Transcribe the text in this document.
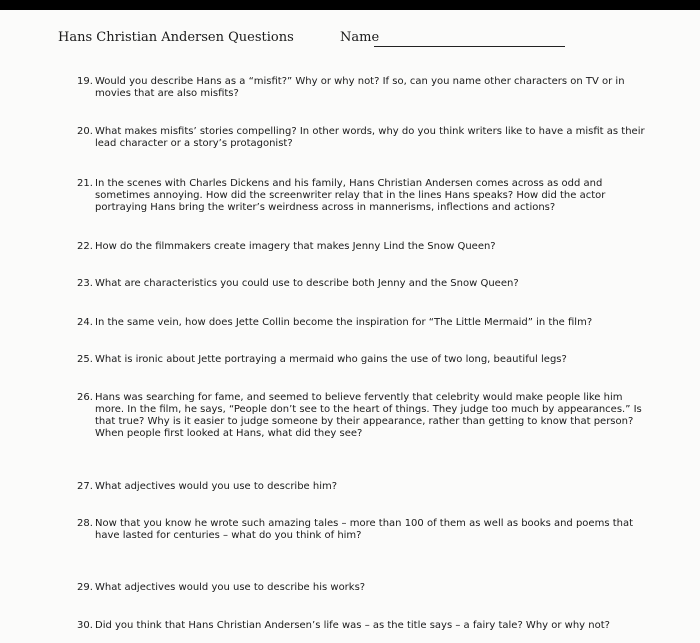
Hans Christian Andersen Questions	Name
19. Would you describe Hans as a “misfit?” Why or why not? If so, can you name other characters on TV or in movies that are also misfits?
20. What makes misfits’ stories compelling? In other words, why do you think writers like to have a misfit as their lead character or a story’s protagonist?
21. In the scenes with Charles Dickens and his family, Hans Christian Andersen comes across as odd and sometimes annoying. How did the screenwriter relay that in the lines Hans speaks? How did the actor portraying Hans bring the writer’s weirdness across in mannerisms, inflections and actions?
22. How do the filmmakers create imagery that makes Jenny Lind the Snow Queen?
23. What are characteristics you could use to describe both Jenny and the Snow Queen?
24. In the same vein, how does Jette Collin become the inspiration for “The Little Mermaid” in the film?
25. What is ironic about Jette portraying a mermaid who gains the use of two long, beautiful legs?
26. Hans was searching for fame, and seemed to believe fervently that celebrity would make people like him more. In the film, he says, “People don’t see to the heart of things. They judge too much by appearances.” Is that true? Why is it easier to judge someone by their appearance, rather than getting to know that person? When people first looked at Hans, what did they see?
27. What adjectives would you use to describe him?
28. Now that you know he wrote such amazing tales – more than 100 of them as well as books and poems that have lasted for centuries – what do you think of him?
29. What adjectives would you use to describe his works?
30. Did you think that Hans Christian Andersen’s life was – as the title says – a fairy tale? Why or why not?
